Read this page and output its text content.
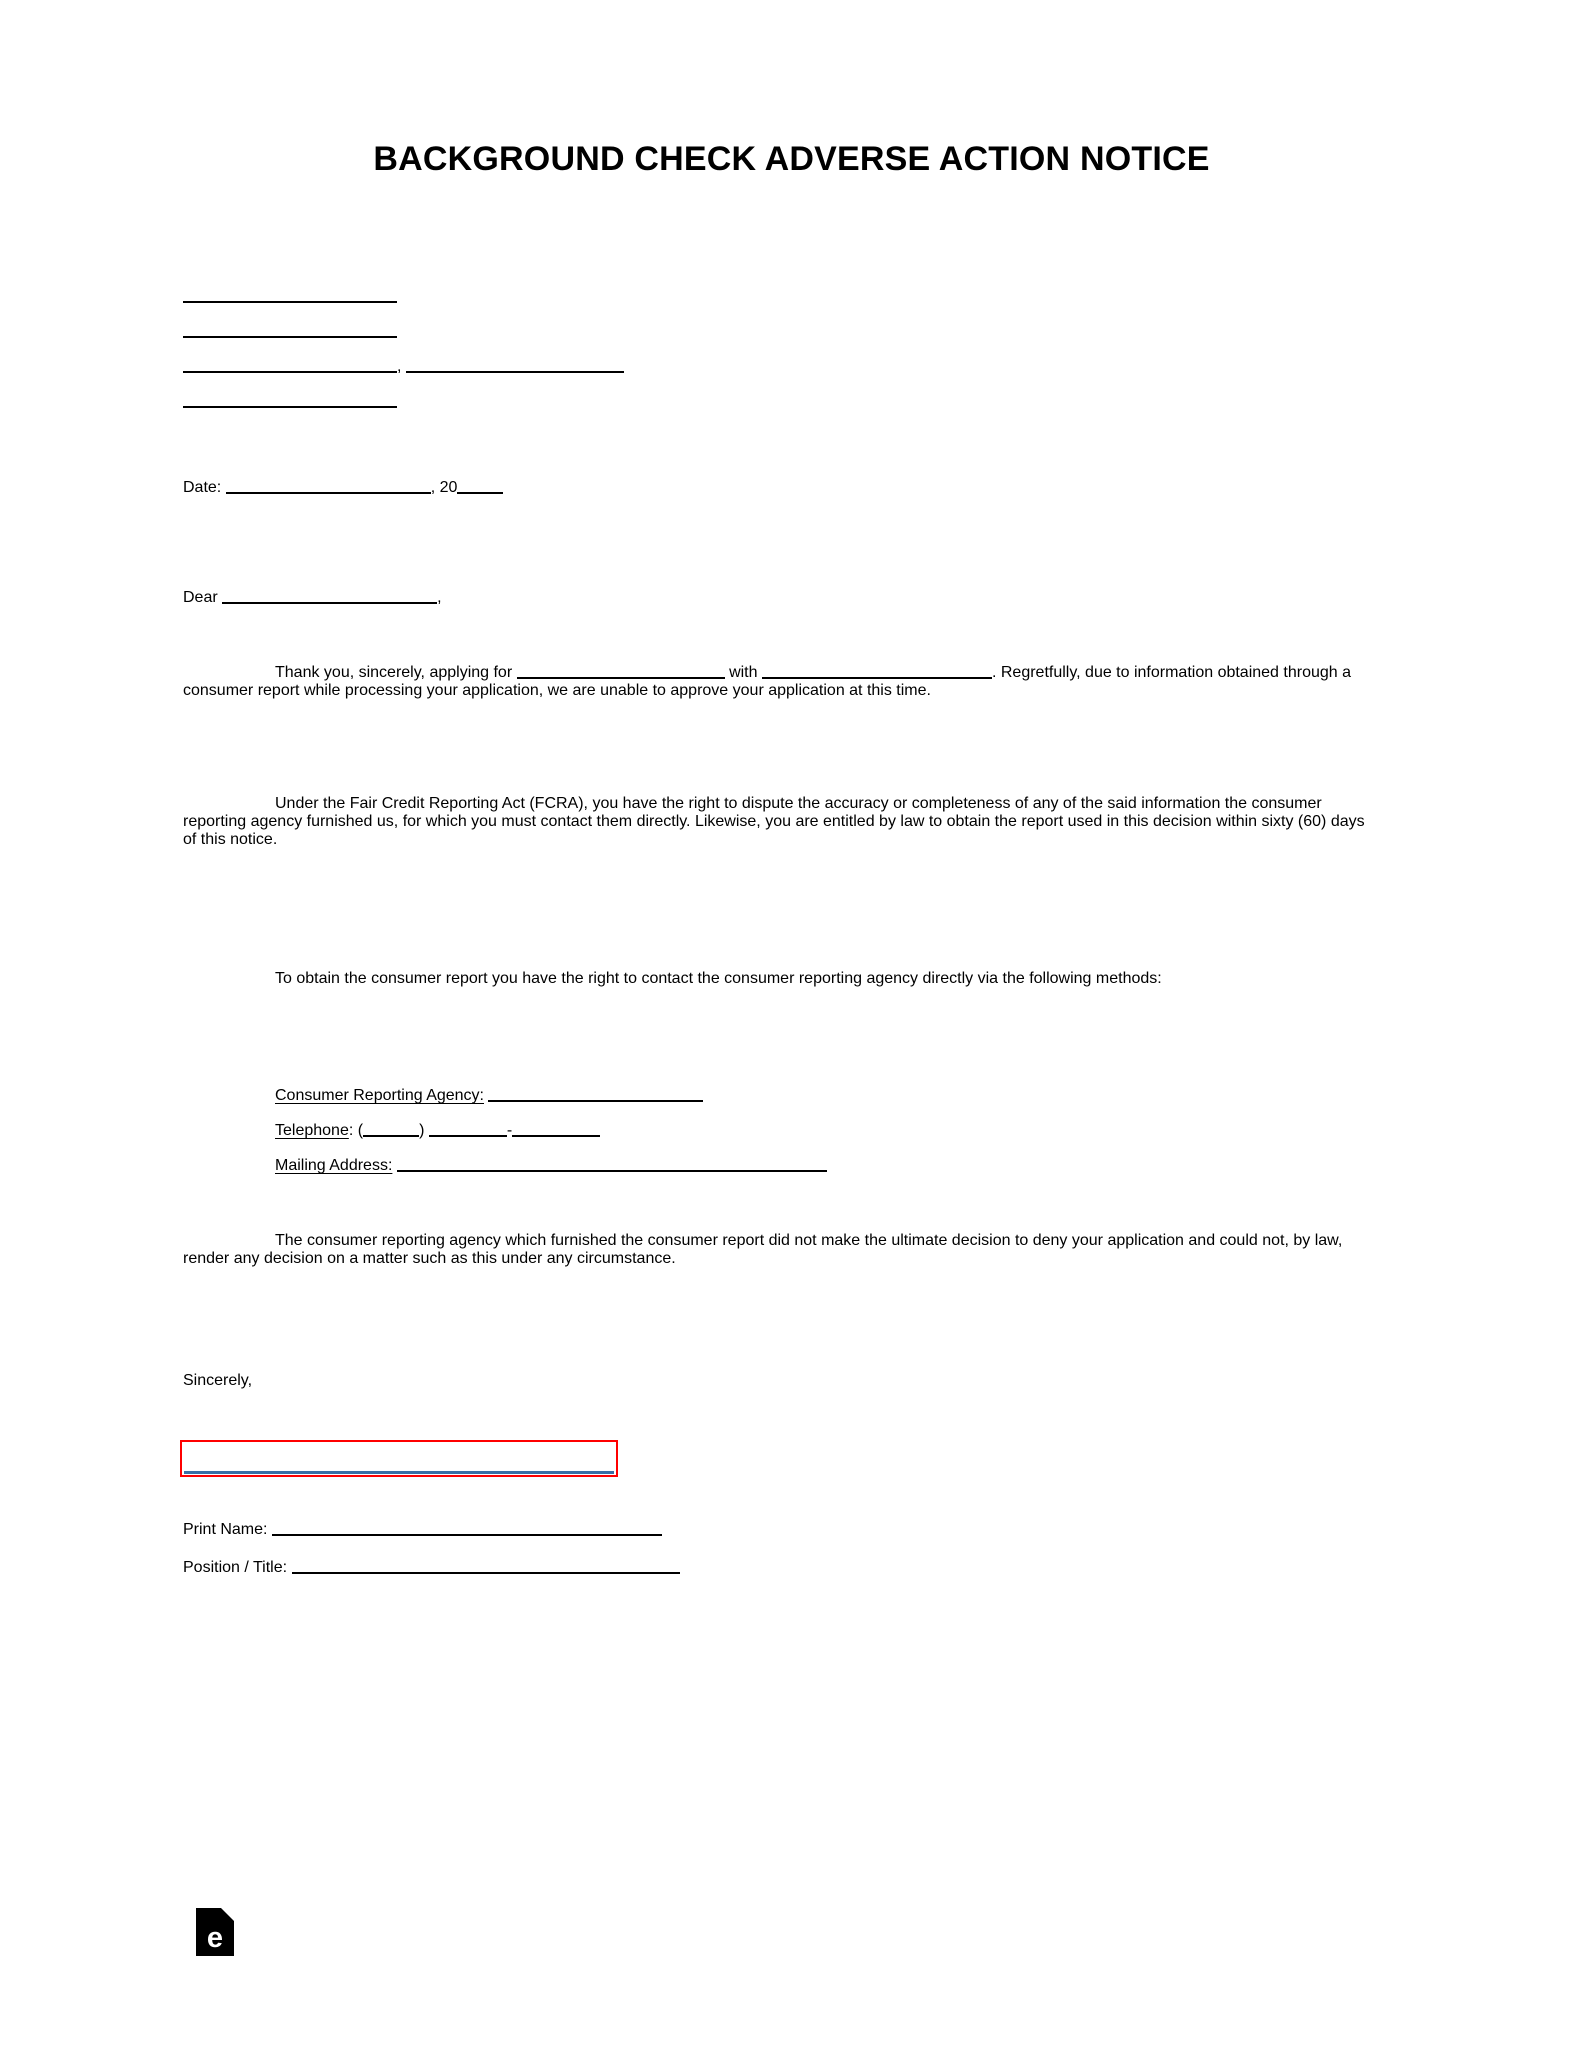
BACKGROUND CHECK ADVERSE ACTION NOTICE
,
Date:	, 20
Dear	,
Thank you, sincerely, applying for	with	. Regretfully, due to information obtained through a consumer report while processing your application, we are unable to approve your application at this time.
Under the Fair Credit Reporting Act (FCRA), you have the right to dispute the accuracy or completeness of any of the said information the consumer reporting agency furnished us, for which you must contact them directly. Likewise, you are entitled by law to obtain the report used in this decision within sixty (60) days of this notice.
To obtain the consumer report you have the right to contact the consumer reporting agency directly via the following methods:
Consumer Reporting Agency:
Telephone: (	)	-
Mailing Address:
The consumer reporting agency which furnished the consumer report did not make the ultimate decision to deny your application and could not, by law, render any decision on a matter such as this under any circumstance.
Sincerely,
Print Name:
Position / Title:
e
